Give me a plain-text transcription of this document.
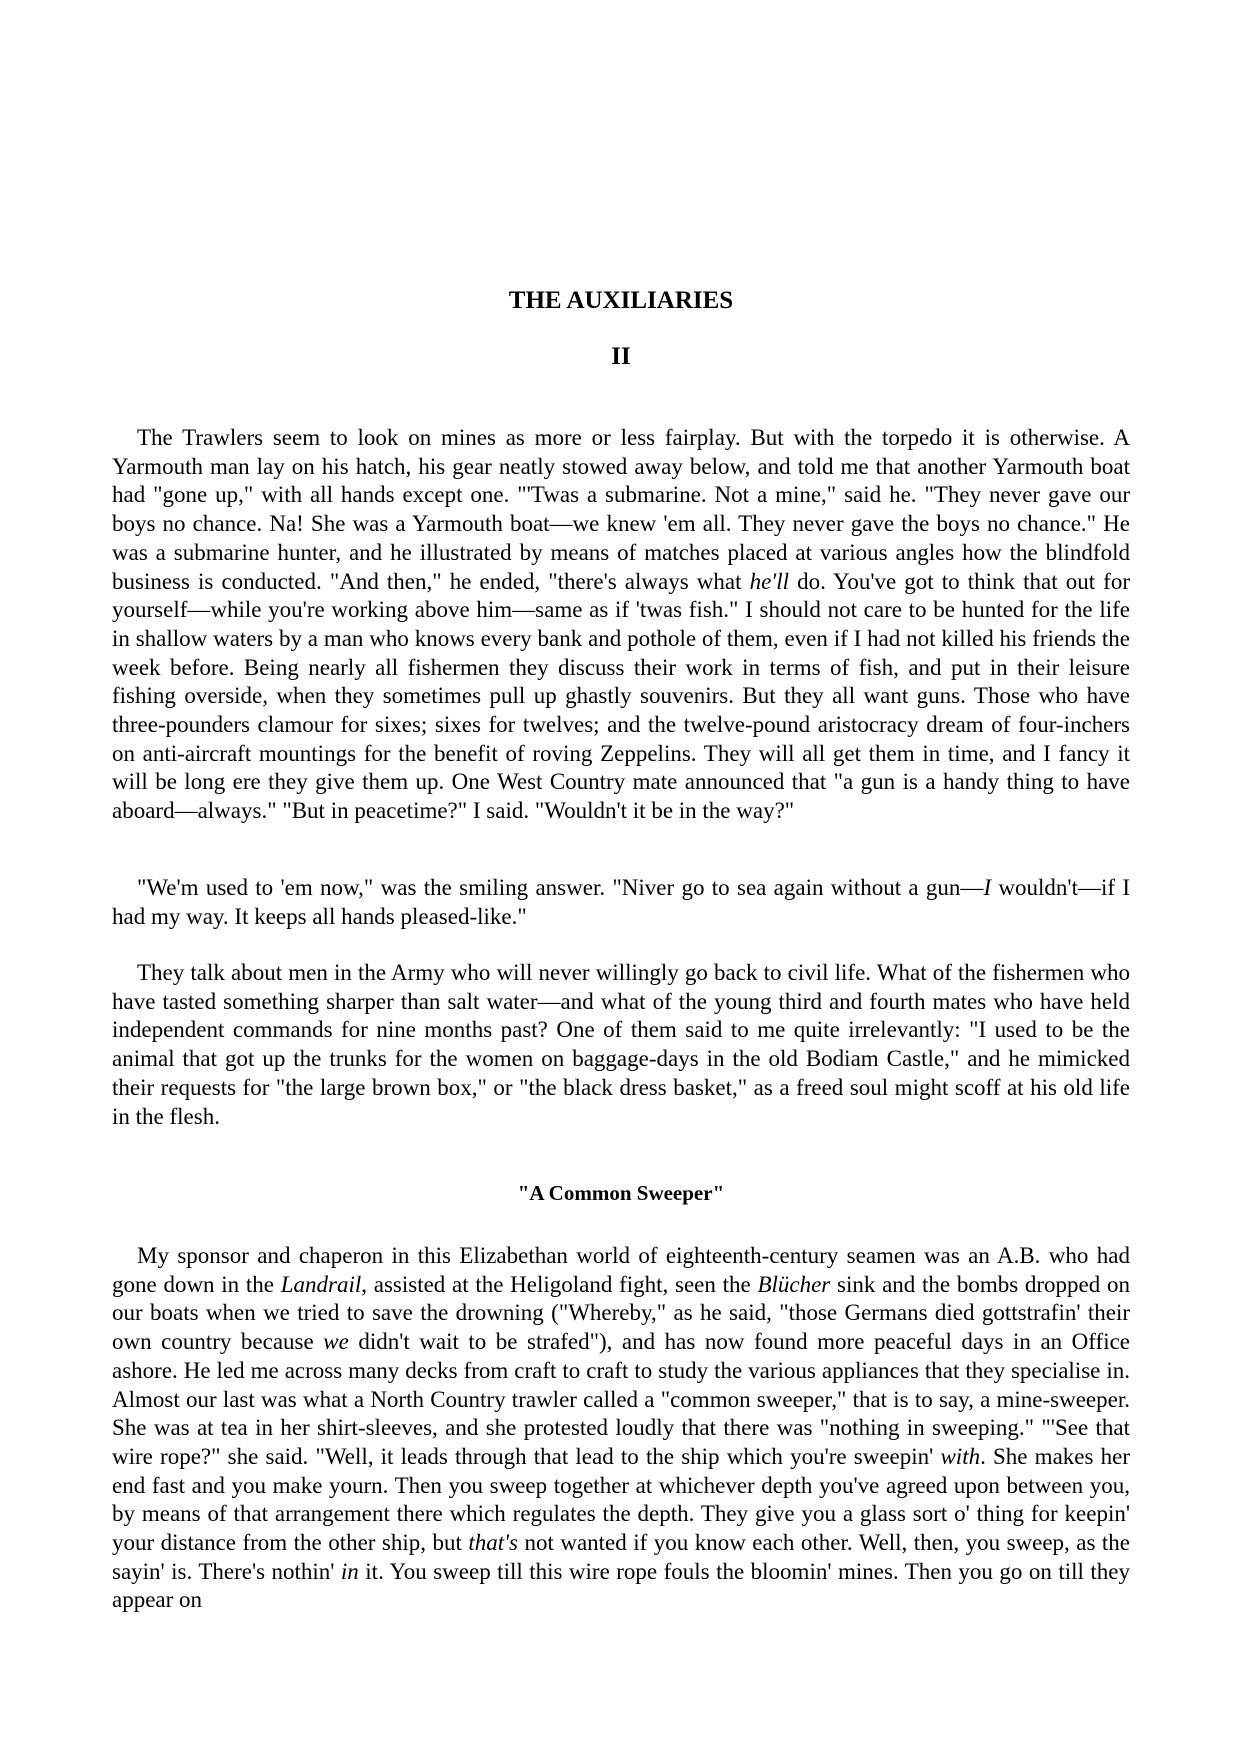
THE AUXILIARIES
II

The Trawlers seem to look on mines as more or less fairplay. But with the torpedo it is otherwise. A Yarmouth man lay on his hatch, his gear neatly stowed away below, and told me that another Yarmouth boat had "gone up," with all hands except one. "'Twas a submarine. Not a mine," said he. "They never gave our boys no chance. Na! She was a Yarmouth boat—we knew 'em all. They never gave the boys no chance." He was a submarine hunter, and he illustrated by means of matches placed at various angles how the blindfold business is conducted. "And then," he ended, "there's always what he'll do. You've got to think that out for yourself—while you're working above him—same as if 'twas fish." I should not care to be hunted for the life in shallow waters by a man who knows every bank and pothole of them, even if I had not killed his friends the week before. Being nearly all fishermen they discuss their work in terms of fish, and put in their leisure fishing overside, when they sometimes pull up ghastly souvenirs. But they all want guns. Those who have three-pounders clamour for sixes; sixes for twelves; and the twelve-pound aristocracy dream of four-inchers on anti-aircraft mountings for the benefit of roving Zeppelins. They will all get them in time, and I fancy it will be long ere they give them up. One West Country mate announced that "a gun is a handy thing to have aboard—always." "But in peacetime?" I said. "Wouldn't it be in the way?"

"We'm used to 'em now," was the smiling answer. "Niver go to sea again without a gun—I wouldn't—if I had my way. It keeps all hands pleased-like."

They talk about men in the Army who will never willingly go back to civil life. What of the fishermen who have tasted something sharper than salt water—and what of the young third and fourth mates who have held independent commands for nine months past? One of them said to me quite irrelevantly: "I used to be the animal that got up the trunks for the women on baggage-days in the old Bodiam Castle," and he mimicked their requests for "the large brown box," or "the black dress basket," as a freed soul might scoff at his old life in the flesh.

"A Common Sweeper"

My sponsor and chaperon in this Elizabethan world of eighteenth-century seamen was an A.B. who had gone down in the Landrail, assisted at the Heligoland fight, seen the Blücher sink and the bombs dropped on our boats when we tried to save the drowning ("Whereby," as he said, "those Germans died gottstrafin' their own country because we didn't wait to be strafed"), and has now found more peaceful days in an Office ashore. He led me across many decks from craft to craft to study the various appliances that they specialise in. Almost our last was what a North Country trawler called a "common sweeper," that is to say, a mine-sweeper. She was at tea in her shirt-sleeves, and she protested loudly that there was "nothing in sweeping." "'See that wire rope?" she said. "Well, it leads through that lead to the ship which you're sweepin' with. She makes her end fast and you make yourn. Then you sweep together at whichever depth you've agreed upon between you, by means of that arrangement there which regulates the depth. They give you a glass sort o' thing for keepin' your distance from the other ship, but that's not wanted if you know each other. Well, then, you sweep, as the sayin' is. There's nothin' in it. You sweep till this wire rope fouls the bloomin' mines. Then you go on till they appear on
